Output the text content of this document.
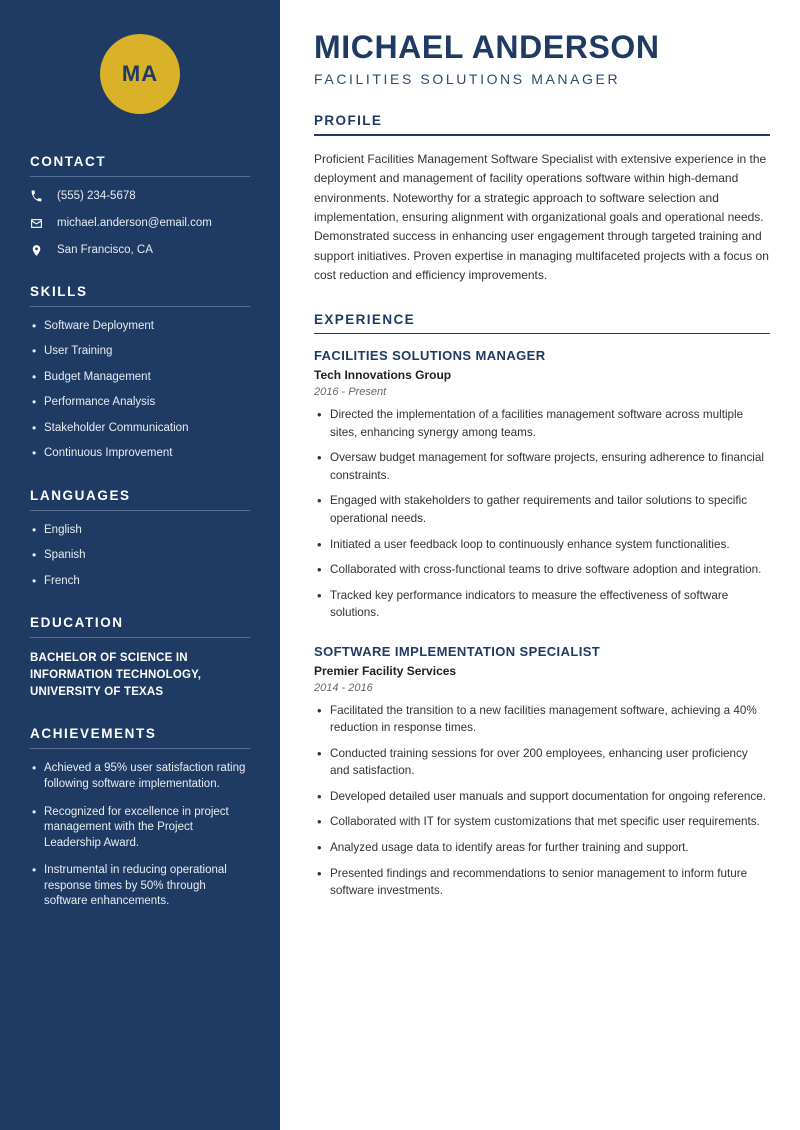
MA
CONTACT
(555) 234-5678
michael.anderson@email.com
San Francisco, CA
SKILLS
• Software Deployment
• User Training
• Budget Management
• Performance Analysis
• Stakeholder Communication
• Continuous Improvement
LANGUAGES
• English
• Spanish
• French
EDUCATION
BACHELOR OF SCIENCE IN INFORMATION TECHNOLOGY, UNIVERSITY OF TEXAS
ACHIEVEMENTS
• Achieved a 95% user satisfaction rating following software implementation.
• Recognized for excellence in project management with the Project Leadership Award.
• Instrumental in reducing operational response times by 50% through software enhancements.
MICHAEL ANDERSON
FACILITIES SOLUTIONS MANAGER
PROFILE

Proficient Facilities Management Software Specialist with extensive experience in the deployment and management of facility operations software within high-demand environments. Noteworthy for a strategic approach to software selection and implementation, ensuring alignment with organizational goals and operational needs. Demonstrated success in enhancing user engagement through targeted training and support initiatives. Proven expertise in managing multifaceted projects with a focus on cost reduction and efficiency improvements.

EXPERIENCE
FACILITIES SOLUTIONS MANAGER
Tech Innovations Group
2016 - Present
• Directed the implementation of a facilities management software across multiple sites, enhancing synergy among teams.
• Oversaw budget management for software projects, ensuring adherence to financial constraints.
• Engaged with stakeholders to gather requirements and tailor solutions to specific operational needs.
• Initiated a user feedback loop to continuously enhance system functionalities.
• Collaborated with cross-functional teams to drive software adoption and integration.
• Tracked key performance indicators to measure the effectiveness of software solutions.
SOFTWARE IMPLEMENTATION SPECIALIST
Premier Facility Services
2014 - 2016
• Facilitated the transition to a new facilities management software, achieving a 40% reduction in response times.
• Conducted training sessions for over 200 employees, enhancing user proficiency and satisfaction.
• Developed detailed user manuals and support documentation for ongoing reference.
• Collaborated with IT for system customizations that met specific user requirements.
• Analyzed usage data to identify areas for further training and support.
• Presented findings and recommendations to senior management to inform future software investments.
